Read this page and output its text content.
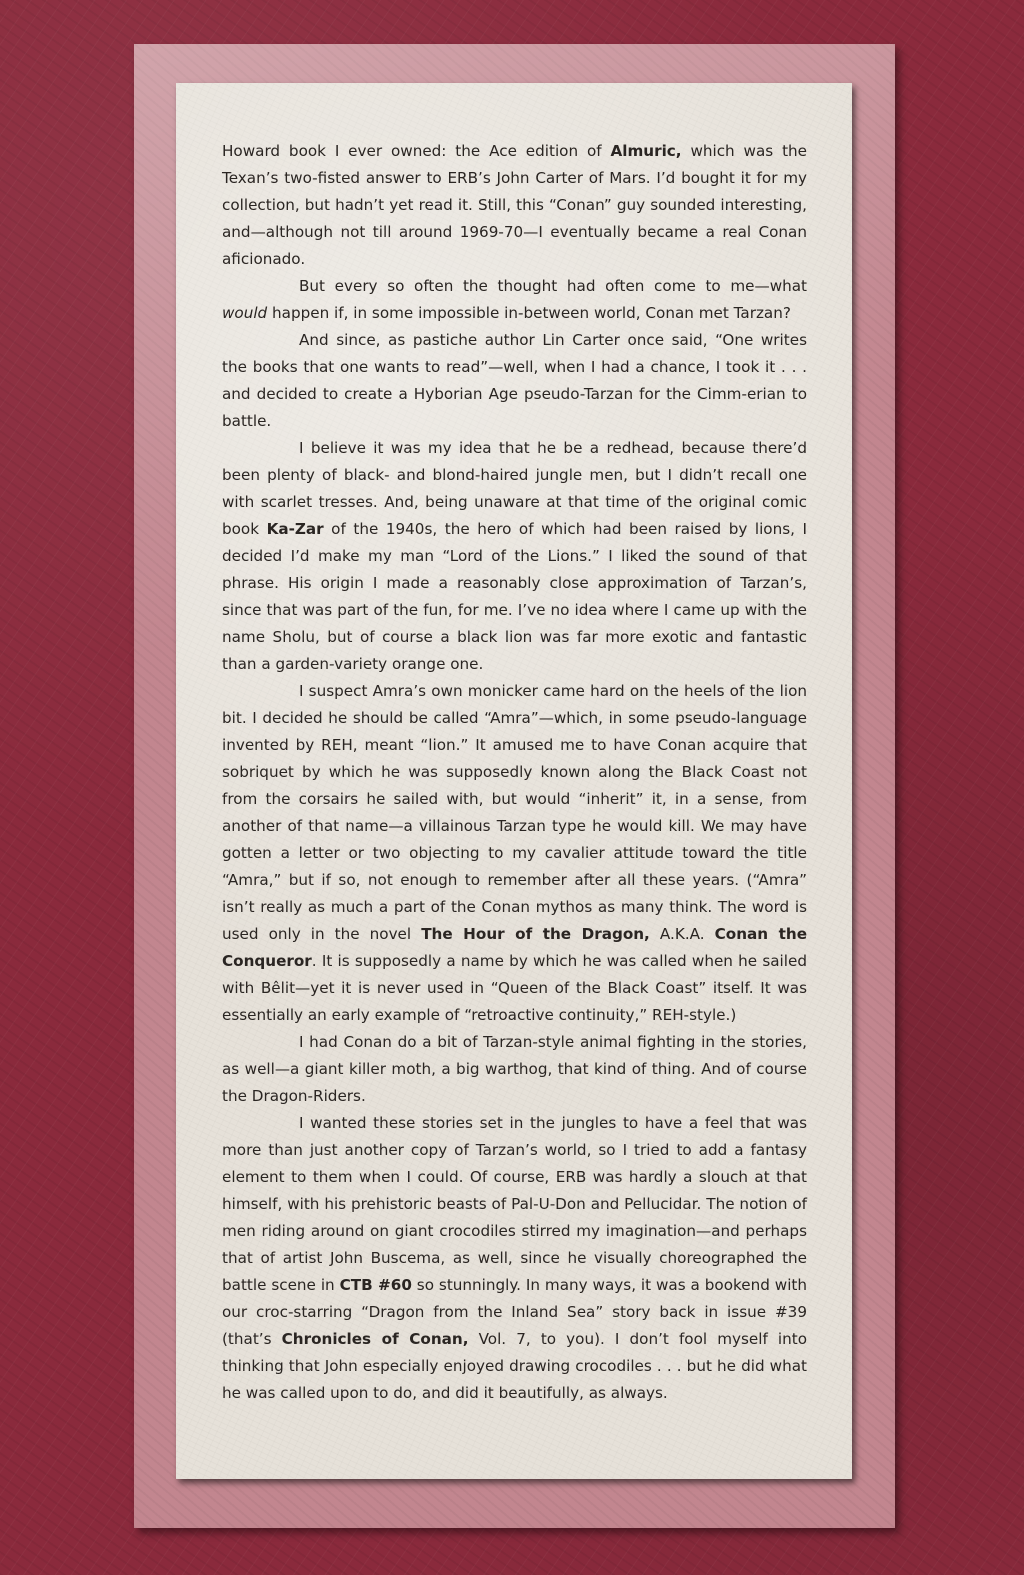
Howard book I ever owned: the Ace edition of Almuric, which was the Texan’s two-fisted answer to ERB’s John Carter of Mars. I’d bought it for my collection, but hadn’t yet read it. Still, this “Conan” guy sounded interesting, and—although not till around 1969-70—I eventually became a real Conan aficionado.

But every so often the thought had often come to me—what would happen if, in some impossible in-between world, Conan met Tarzan?

And since, as pastiche author Lin Carter once said, “One writes the books that one wants to read”—well, when I had a chance, I took it . . . and decided to create a Hyborian Age pseudo-Tarzan for the Cimm-erian to battle.

I believe it was my idea that he be a redhead, because there’d been plenty of black- and blond-haired jungle men, but I didn’t recall one with scarlet tresses. And, being unaware at that time of the original comic book Ka-Zar of the 1940s, the hero of which had been raised by lions, I decided I’d make my man “Lord of the Lions.” I liked the sound of that phrase. His origin I made a reasonably close approximation of Tarzan’s, since that was part of the fun, for me. I’ve no idea where I came up with the name Sholu, but of course a black lion was far more exotic and fantastic than a garden-variety orange one.

I suspect Amra’s own monicker came hard on the heels of the lion bit. I decided he should be called “Amra”—which, in some pseudo-language invented by REH, meant “lion.” It amused me to have Conan acquire that sobriquet by which he was supposedly known along the Black Coast not from the corsairs he sailed with, but would “inherit” it, in a sense, from another of that name—a villainous Tarzan type he would kill. We may have gotten a letter or two objecting to my cavalier attitude toward the title “Amra,” but if so, not enough to remember after all these years. (“Amra” isn’t really as much a part of the Conan mythos as many think. The word is used only in the novel The Hour of the Dragon, A.K.A. Conan the Conqueror. It is supposedly a name by which he was called when he sailed with Bêlit—yet it is never used in “Queen of the Black Coast” itself. It was essentially an early example of “retroactive continuity,” REH-style.)

I had Conan do a bit of Tarzan-style animal fighting in the stories, as well—a giant killer moth, a big warthog, that kind of thing. And of course the Dragon-Riders.

I wanted these stories set in the jungles to have a feel that was more than just another copy of Tarzan’s world, so I tried to add a fantasy element to them when I could. Of course, ERB was hardly a slouch at that himself, with his prehistoric beasts of Pal-U-Don and Pellucidar. The notion of men riding around on giant crocodiles stirred my imagination—and perhaps that of artist John Buscema, as well, since he visually choreographed the battle scene in CTB #60 so stunningly. In many ways, it was a bookend with our croc-starring “Dragon from the Inland Sea” story back in issue #39 (that’s Chronicles of Conan, Vol. 7, to you). I don’t fool myself into thinking that John especially enjoyed drawing crocodiles . . . but he did what he was called upon to do, and did it beautifully, as always.
